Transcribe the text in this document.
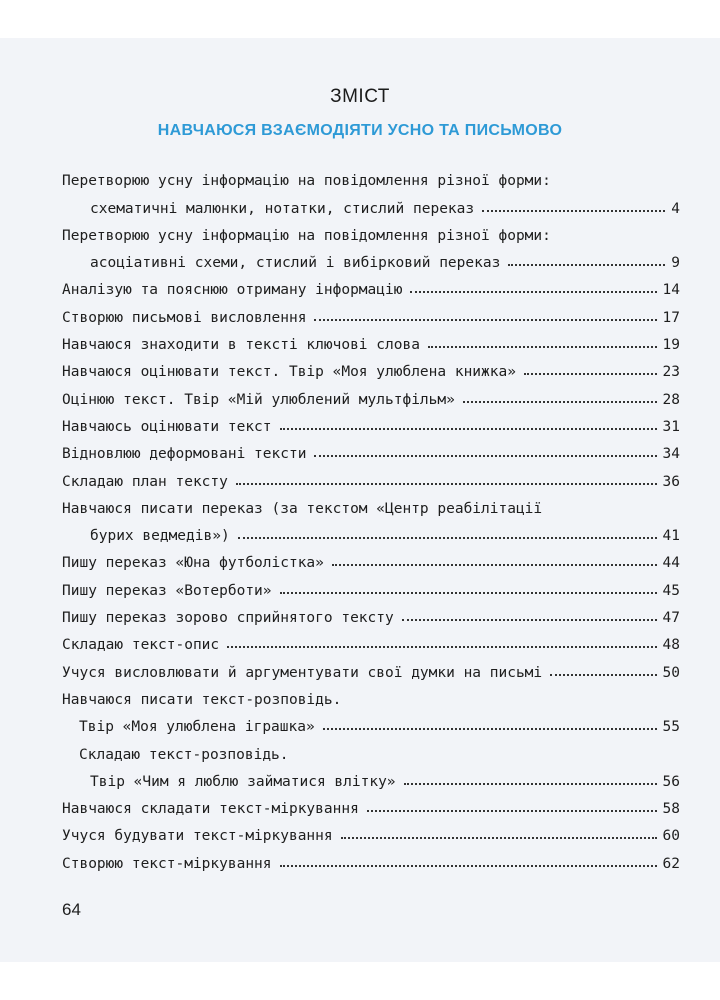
ЗМІСТ
НАВЧАЮСЯ ВЗАЄМОДІЯТИ УСНО ТА ПИСЬМОВО
Перетворюю усну інформацію на повідомлення різної форми:
схематичні малюнки, нотатки, стислий переказ	4
Перетворюю усну інформацію на повідомлення різної форми:
асоціативні схеми, стислий і вибірковий переказ	9
Аналізую та пояснюю отриману інформацію	14
Створюю письмові висловлення	17
Навчаюся знаходити в тексті ключові слова	19
Навчаюся оцінювати текст. Твір «Моя улюблена книжка»	23
Оцінюю текст. Твір «Мій улюблений мультфільм»	28
Навчаюсь оцінювати текст	31
Відновлюю деформовані тексти	34
Складаю план тексту	36
Навчаюся писати переказ (за текстом «Центр реабілітації
бурих ведмедів»)	41
Пишу переказ «Юна футболістка»	44
Пишу переказ «Вотерботи»	45
Пишу переказ зорово сприйнятого тексту	47
Складаю текст-опис	48
Учуся висловлювати й аргументувати свої думки на письмі	50
Навчаюся писати текст-розповідь.
Твір «Моя улюблена іграшка»	55
Складаю текст-розповідь.
Твір «Чим я люблю займатися влітку»	56
Навчаюся складати текст-міркування	58
Учуся будувати текст-міркування	60
Створюю текст-міркування	62
64
